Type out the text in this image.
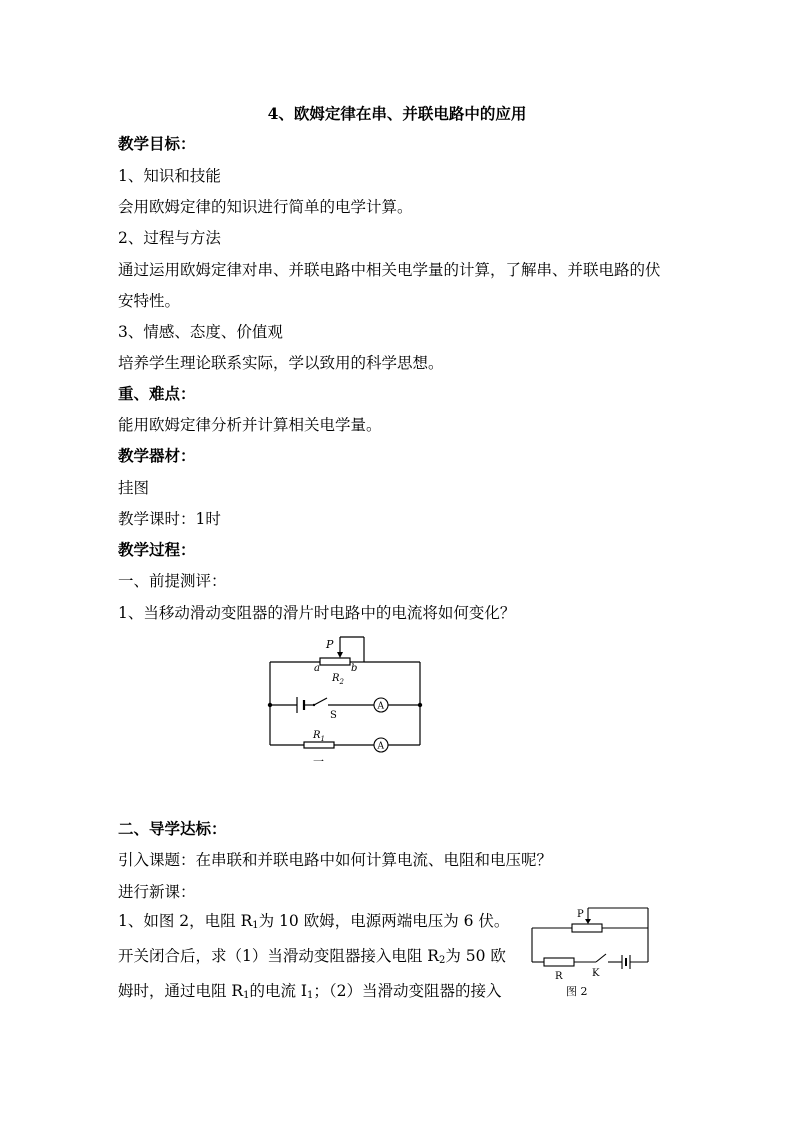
4、欧姆定律在串、并联电路中的应用
教学目标：
1、知识和技能
会用欧姆定律的知识进行简单的电学计算。
2、过程与方法
通过运用欧姆定律对串、并联电路中相关电学量的计算，了解串、并联电路的伏
安特性。
3、情感、态度、价值观
培养学生理论联系实际，学以致用的科学思想。
重、难点：
能用欧姆定律分析并计算相关电学量。
教学器材：
挂图
教学课时：1时
教学过程：
一、前提测评：
1、当移动滑动变阻器的滑片时电路中的电流将如何变化？
P
a	b
$R_2$
S
A
A
$R_1$
一
二、导学达标：
引入课题：在串联和并联电路中如何计算电流、电阻和电压呢？
进行新课：
1、如图 2，电阻 $R_1$为 10 欧姆，电源两端电压为 6 伏。
开关闭合后，求（1）当滑动变阻器接入电阻 $R_2$为 50 欧
姆时，通过电阻 $R_1$的电流 $I_1$；（2）当滑动变阻器的接入
P
R	K
图 2
